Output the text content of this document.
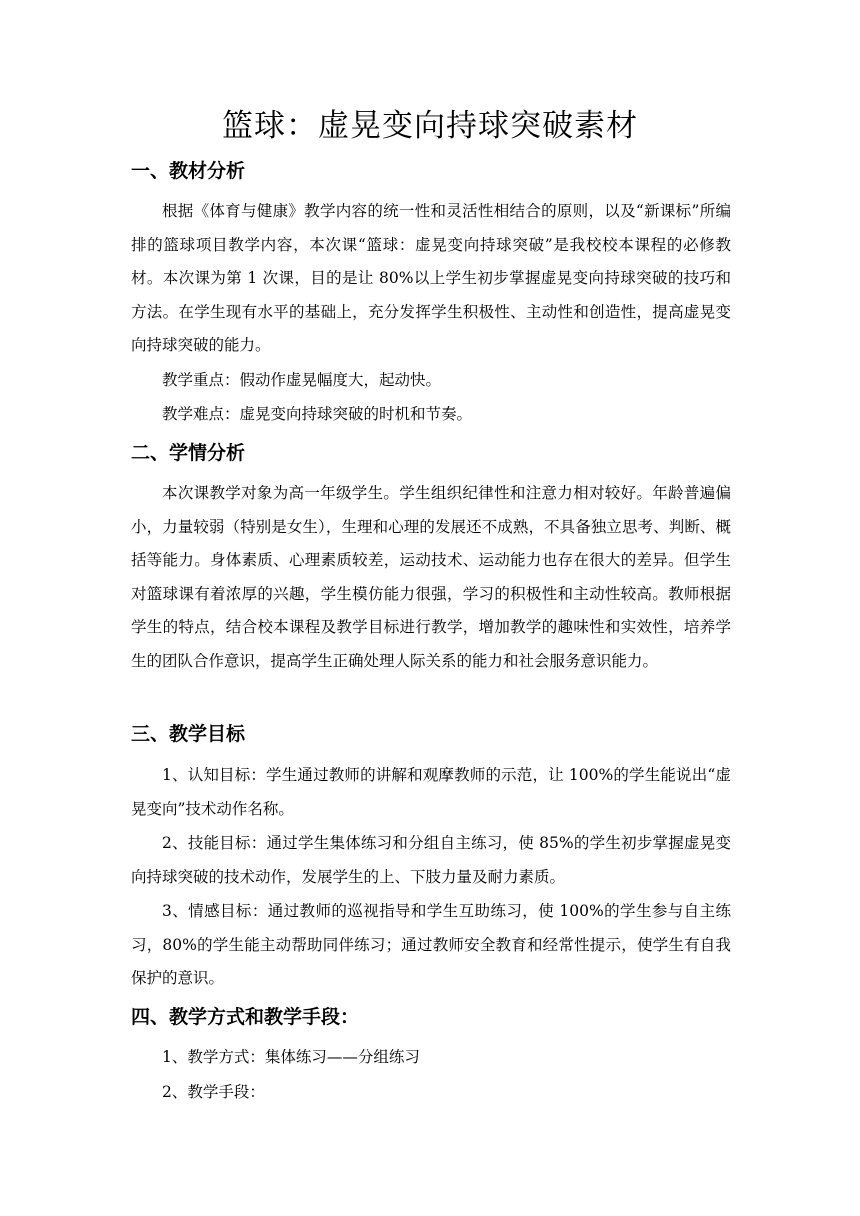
篮球：虚晃变向持球突破素材
一、教材分析

根据《体育与健康》教学内容的统一性和灵活性相结合的原则，以及“新课标”所编排的篮球项目教学内容，本次课“篮球：虚晃变向持球突破”是我校校本课程的必修教材。本次课为第 1 次课，目的是让 80%以上学生初步掌握虚晃变向持球突破的技巧和方法。在学生现有水平的基础上，充分发挥学生积极性、主动性和创造性，提高虚晃变向持球突破的能力。

教学重点：假动作虚晃幅度大，起动快。

教学难点：虚晃变向持球突破的时机和节奏。

二、学情分析

本次课教学对象为高一年级学生。学生组织纪律性和注意力相对较好。年龄普遍偏小，力量较弱（特别是女生），生理和心理的发展还不成熟，不具备独立思考、判断、概括等能力。身体素质、心理素质较差，运动技术、运动能力也存在很大的差异。但学生对篮球课有着浓厚的兴趣，学生模仿能力很强，学习的积极性和主动性较高。教师根据学生的特点，结合校本课程及教学目标进行教学，增加教学的趣味性和实效性，培养学生的团队合作意识，提高学生正确处理人际关系的能力和社会服务意识能力。

三、教学目标

1、认知目标：学生通过教师的讲解和观摩教师的示范，让 100%的学生能说出“虚晃变向”技术动作名称。

2、技能目标：通过学生集体练习和分组自主练习，使 85%的学生初步掌握虚晃变向持球突破的技术动作，发展学生的上、下肢力量及耐力素质。

3、情感目标：通过教师的巡视指导和学生互助练习，使 100%的学生参与自主练习，80%的学生能主动帮助同伴练习；通过教师安全教育和经常性提示，使学生有自我保护的意识。

四、教学方式和教学手段：

1、教学方式：集体练习——分组练习

2、教学手段：
